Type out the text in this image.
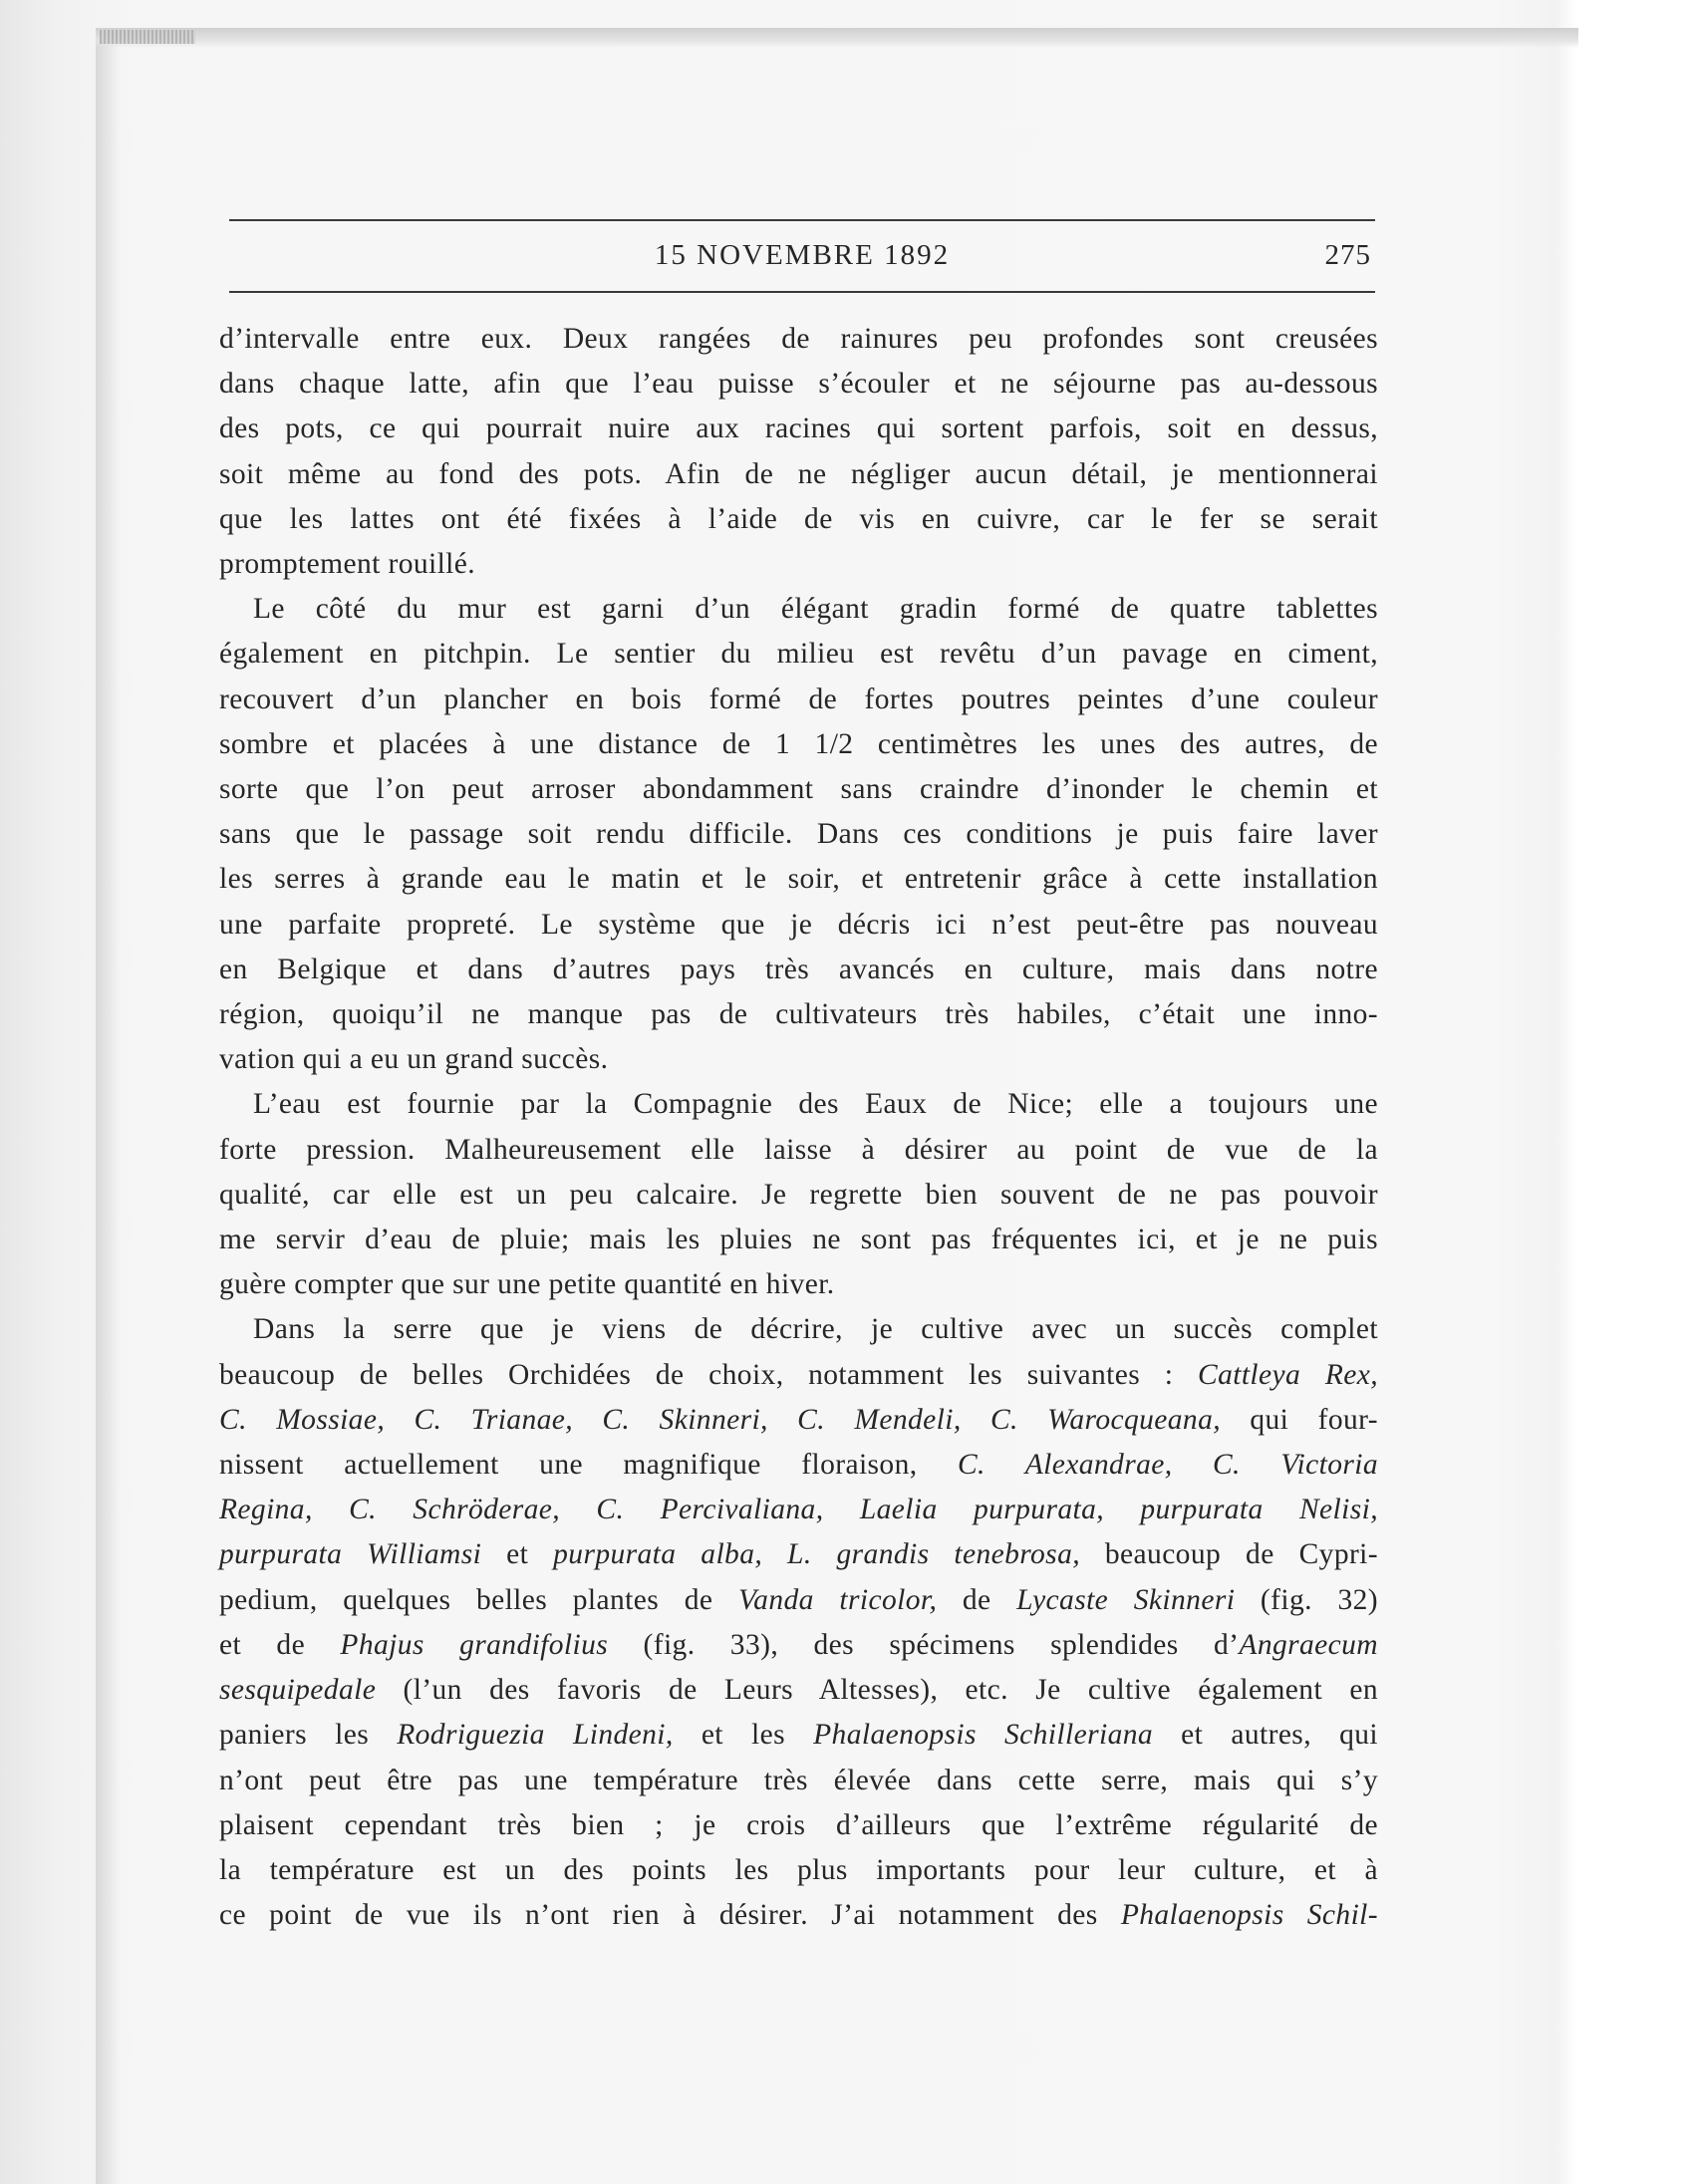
15 NOVEMBRE 1892	275
d’intervalle entre eux. Deux rangées de rainures peu profondes sont creusées
dans chaque latte, afin que l’eau puisse s’écouler et ne séjourne pas au-dessous
des pots, ce qui pourrait nuire aux racines qui sortent parfois, soit en dessus,
soit même au fond des pots. Afin de ne négliger aucun détail, je mentionnerai
que les lattes ont été fixées à l’aide de vis en cuivre, car le fer se serait
promptement rouillé.
Le côté du mur est garni d’un élégant gradin formé de quatre tablettes
également en pitchpin. Le sentier du milieu est revêtu d’un pavage en ciment,
recouvert d’un plancher en bois formé de fortes poutres peintes d’une couleur
sombre et placées à une distance de 1 1/2 centimètres les unes des autres, de
sorte que l’on peut arroser abondamment sans craindre d’inonder le chemin et
sans que le passage soit rendu difficile. Dans ces conditions je puis faire laver
les serres à grande eau le matin et le soir, et entretenir grâce à cette installation
une parfaite propreté. Le système que je décris ici n’est peut-être pas nouveau
en Belgique et dans d’autres pays très avancés en culture, mais dans notre
région, quoiqu’il ne manque pas de cultivateurs très habiles, c’était une inno-
vation qui a eu un grand succès.
L’eau est fournie par la Compagnie des Eaux de Nice; elle a toujours une
forte pression. Malheureusement elle laisse à désirer au point de vue de la
qualité, car elle est un peu calcaire. Je regrette bien souvent de ne pas pouvoir
me servir d’eau de pluie; mais les pluies ne sont pas fréquentes ici, et je ne puis
guère compter que sur une petite quantité en hiver.
Dans la serre que je viens de décrire, je cultive avec un succès complet
beaucoup de belles Orchidées de choix, notamment les suivantes : Cattleya Rex,
C. Mossiae, C. Trianae, C. Skinneri, C. Mendeli, C. Warocqueana, qui four-
nissent actuellement une magnifique floraison, C. Alexandrae, C. Victoria
Regina, C. Schröderae, C. Percivaliana, Laelia purpurata, purpurata Nelisi,
purpurata Williamsi et purpurata alba, L. grandis tenebrosa, beaucoup de Cypri-
pedium, quelques belles plantes de Vanda tricolor, de Lycaste Skinneri (fig. 32)
et de Phajus grandifolius (fig. 33), des spécimens splendides d’Angraecum
sesquipedale (l’un des favoris de Leurs Altesses), etc. Je cultive également en
paniers les Rodriguezia Lindeni, et les Phalaenopsis Schilleriana et autres, qui
n’ont peut être pas une température très élevée dans cette serre, mais qui s’y
plaisent cependant très bien ; je crois d’ailleurs que l’extrême régularité de
la température est un des points les plus importants pour leur culture, et à
ce point de vue ils n’ont rien à désirer. J’ai notamment des Phalaenopsis Schil-
